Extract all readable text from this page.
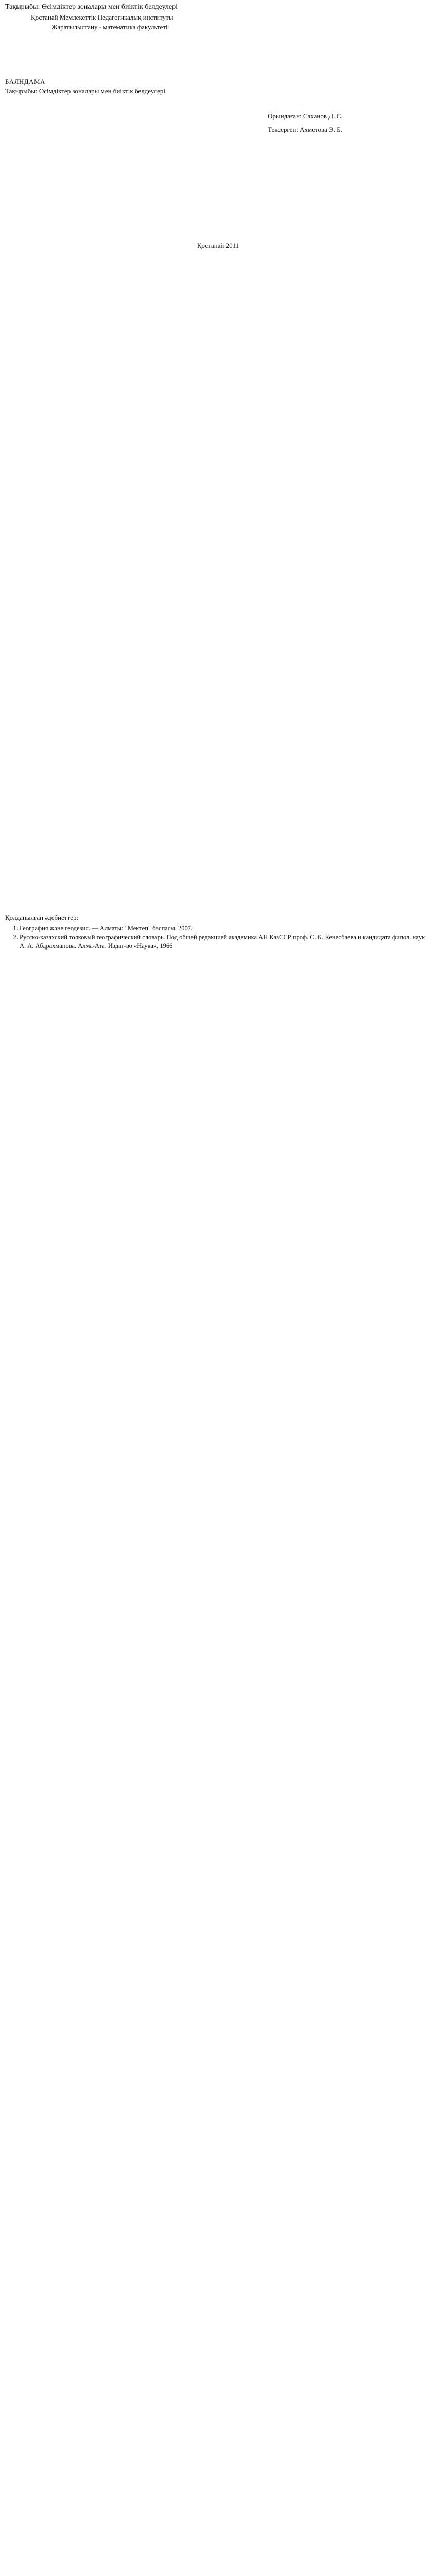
Тақырыбы: Өсімдіктер зоналары мен биіктік белдеулері

Қостанай Мемлекеттік Педагогикалық институты

Жаратылыстану - математика факультеті

БАЯНДАМА

Тақырыбы: Өсімдіктер зоналары мен биіктік белдеулері

Орындаған: Саханов Д. С.

Тексерген: Ахметова Э. Б.

Қостанай 2011

Қолданылған әдебиеттер:

1. География және геодезия. — Алматы: "Мектеп" баспасы, 2007.
2. Русско-казахский толковый географический словарь. Под общей редакцией академика АН КазССР проф. С. К. Кенесбаева и кандидата филол. наук А. А. Абдрахманова. Алма-Ата. Издат-во «Наука», 1966
